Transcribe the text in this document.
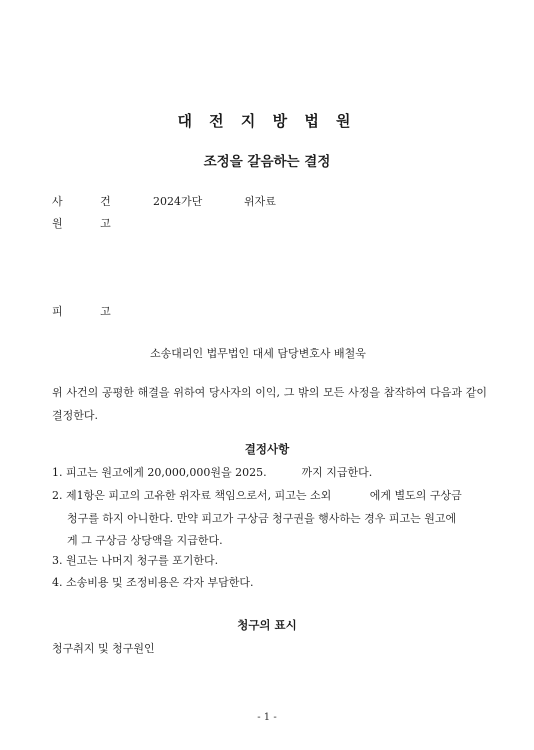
대 전 지 방 법 원
조정을 갈음하는 결정
사 건	2024가단	위자료
원 고
피 고
소송대리인 법무법인 대세 담당변호사 배철욱
위 사건의 공평한 해결을 위하여 당사자의 이익, 그 밖의 모든 사정을 참작하여 다음과 같이 결정한다.
결정사항
1. 피고는 원고에게 20,000,000원을 2025.          까지 지급한다.
2. 제1항은 피고의 고유한 위자료 책임으로서, 피고는 소외           에게 별도의 구상금
청구를 하지 아니한다. 만약 피고가 구상금 청구권을 행사하는 경우 피고는 원고에
게 그 구상금 상당액을 지급한다.
3. 원고는 나머지 청구를 포기한다.
4. 소송비용 및 조정비용은 각자 부담한다.
청구의 표시
청구취지 및 청구원인
- 1 -
